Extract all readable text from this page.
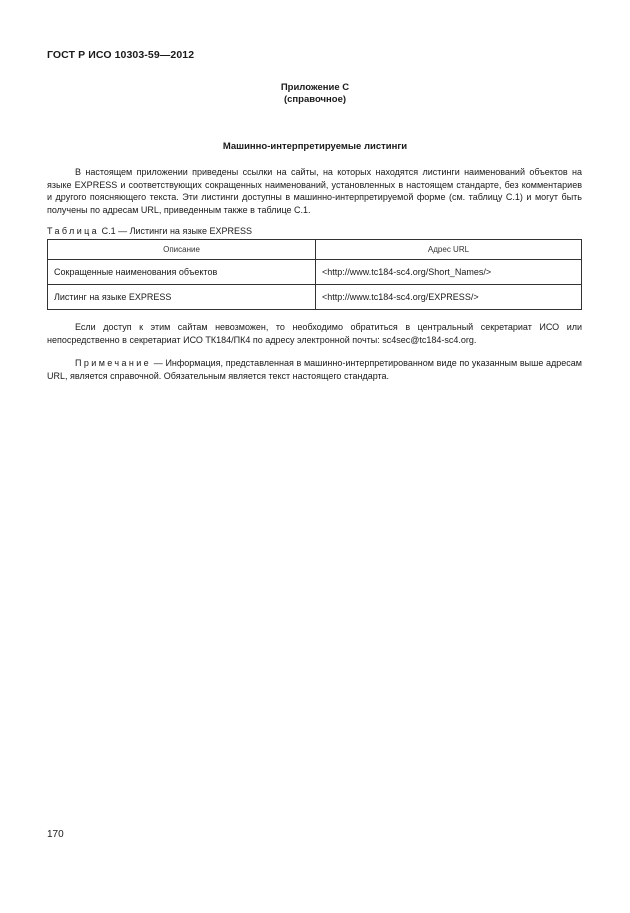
ГОСТ Р ИСО 10303-59—2012
Приложение С
(справочное)
Машинно-интерпретируемые листинги

В настоящем приложении приведены ссылки на сайты, на которых находятся листинги наименований объектов на языке EXPRESS и соответствующих сокращенных наименований, установленных в настоящем стандарте, без комментариев и другого поясняющего текста. Эти листинги доступны в машинно-интерпретируемой форме (см. таблицу С.1) и могут быть получены по адресам URL, приведенным также в таблице С.1.

Таблица С.1 — Листинги на языке EXPRESS
Описание	Адрес URL
Сокращенные наименования объектов	<http://www.tc184-sc4.org/Short_Names/>
Листинг на языке EXPRESS	<http://www.tc184-sc4.org/EXPRESS/>

Если доступ к этим сайтам невозможен, то необходимо обратиться в центральный секретариат ИСО или непосредственно в секретариат ИСО ТК184/ПК4 по адресу электронной почты: sc4sec@tc184-sc4.org.

Примечание — Информация, представленная в машинно-интерпретированном виде по указанным выше адресам URL, является справочной. Обязательным является текст настоящего стандарта.

170
